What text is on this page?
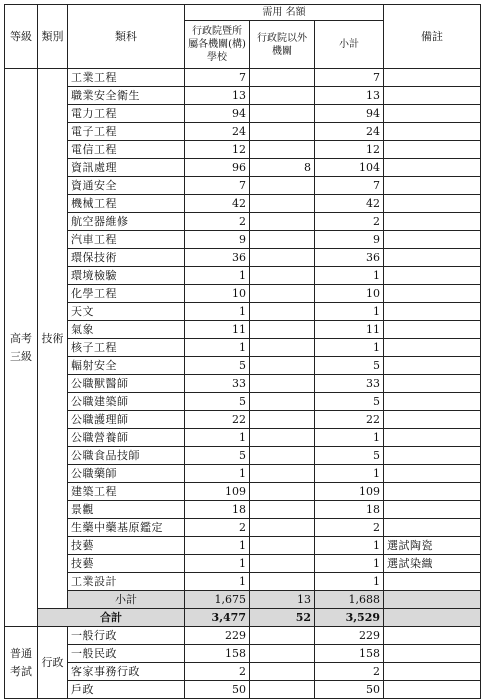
等級	類別	類科	需用 名額			備註
			行政院暨所屬各機關(構)學校	行政院以外機關	小計	
高考三級	技術	工業工程	7		7	
		職業安全衛生	13		13	
		電力工程	94		94	
		電子工程	24		24	
		電信工程	12		12	
		資訊處理	96	8	104	
		資通安全	7		7	
		機械工程	42		42	
		航空器維修	2		2	
		汽車工程	9		9	
		環保技術	36		36	
		環境檢驗	1		1	
		化學工程	10		10	
		天文	1		1	
		氣象	11		11	
		核子工程	1		1	
		輻射安全	5		5	
		公職獸醫師	33		33	
		公職建築師	5		5	
		公職護理師	22		22	
		公職營養師	1		1	
		公職食品技師	5		5	
		公職藥師	1		1	
		建築工程	109		109	
		景觀	18		18	
		生藥中藥基原鑑定	2		2	
		技藝	1		1	選試陶瓷
		技藝	1		1	選試染織
		工業設計	1		1	
		小計	1,675	13	1,688	
	合計		3,477	52	3,529	
普通考試	行政	一般行政	229		229	
		一般民政	158		158	
		客家事務行政	2		2	
		戶政	50		50	
